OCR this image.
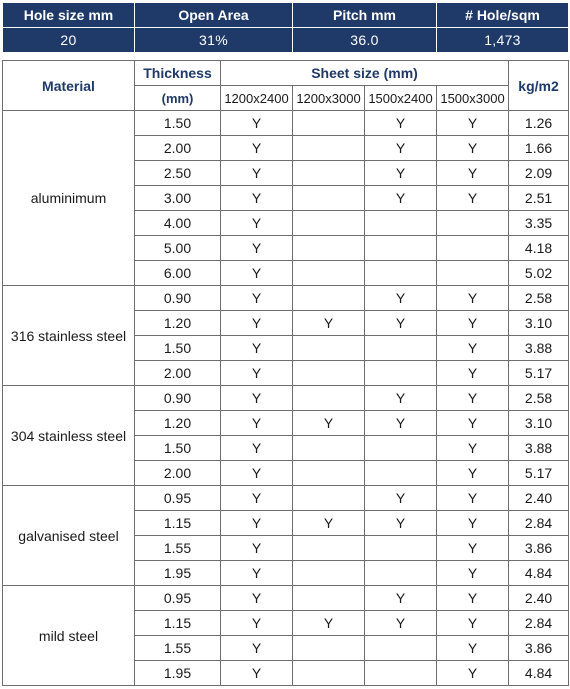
Hole size mm	Open Area	Pitch mm	# Hole/sqm
20	31%	36.0	1,473
Material	Thickness	Sheet size (mm)				kg/m2
	(mm)	1200x2400	1200x3000	1500x2400	1500x3000	
aluminimum	1.50	Y		Y	Y	1.26
	2.00	Y		Y	Y	1.66
	2.50	Y		Y	Y	2.09
	3.00	Y		Y	Y	2.51
	4.00	Y				3.35
	5.00	Y				4.18
	6.00	Y				5.02
316 stainless steel	0.90	Y		Y	Y	2.58
	1.20	Y	Y	Y	Y	3.10
	1.50	Y			Y	3.88
	2.00	Y			Y	5.17
304 stainless steel	0.90	Y		Y	Y	2.58
	1.20	Y	Y	Y	Y	3.10
	1.50	Y			Y	3.88
	2.00	Y			Y	5.17
galvanised steel	0.95	Y		Y	Y	2.40
	1.15	Y	Y	Y	Y	2.84
	1.55	Y			Y	3.86
	1.95	Y			Y	4.84
mild steel	0.95	Y		Y	Y	2.40
	1.15	Y	Y	Y	Y	2.84
	1.55	Y			Y	3.86
	1.95	Y			Y	4.84
